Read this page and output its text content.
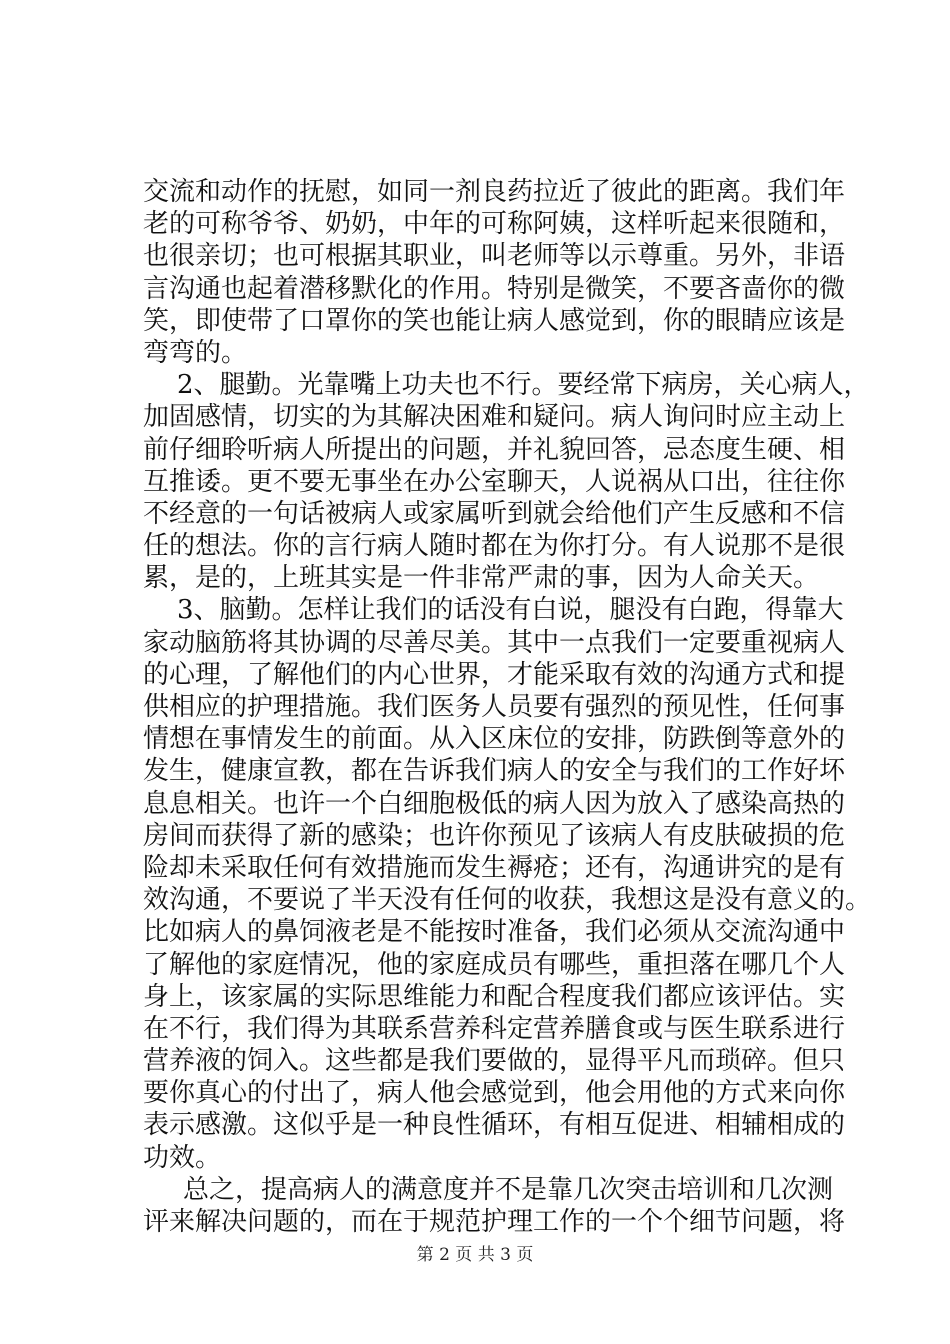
交流和动作的抚慰，如同一剂良药拉近了彼此的距离。我们年
老的可称爷爷、奶奶，中年的可称阿姨，这样听起来很随和，
也很亲切；也可根据其职业，叫老师等以示尊重。另外，非语
言沟通也起着潜移默化的作用。特别是微笑，不要吝啬你的微
笑，即使带了口罩你的笑也能让病人感觉到，你的眼睛应该是
弯弯的。
2、腿勤。光靠嘴上功夫也不行。要经常下病房，关心病人，
加固感情，切实的为其解决困难和疑问。病人询问时应主动上
前仔细聆听病人所提出的问题，并礼貌回答，忌态度生硬、相
互推诿。更不要无事坐在办公室聊天，人说祸从口出，往往你
不经意的一句话被病人或家属听到就会给他们产生反感和不信
任的想法。你的言行病人随时都在为你打分。有人说那不是很
累，是的，上班其实是一件非常严肃的事，因为人命关天。
3、脑勤。怎样让我们的话没有白说，腿没有白跑，得靠大
家动脑筋将其协调的尽善尽美。其中一点我们一定要重视病人
的心理，了解他们的内心世界，才能采取有效的沟通方式和提
供相应的护理措施。我们医务人员要有强烈的预见性，任何事
情想在事情发生的前面。从入区床位的安排，防跌倒等意外的
发生，健康宣教，都在告诉我们病人的安全与我们的工作好坏
息息相关。也许一个白细胞极低的病人因为放入了感染高热的
房间而获得了新的感染；也许你预见了该病人有皮肤破损的危
险却未采取任何有效措施而发生褥疮；还有，沟通讲究的是有
效沟通，不要说了半天没有任何的收获，我想这是没有意义的。
比如病人的鼻饲液老是不能按时准备，我们必须从交流沟通中
了解他的家庭情况，他的家庭成员有哪些，重担落在哪几个人
身上，该家属的实际思维能力和配合程度我们都应该评估。实
在不行，我们得为其联系营养科定营养膳食或与医生联系进行
营养液的饲入。这些都是我们要做的，显得平凡而琐碎。但只
要你真心的付出了，病人他会感觉到，他会用他的方式来向你
表示感激。这似乎是一种良性循环，有相互促进、相辅相成的
功效。
总之，提高病人的满意度并不是靠几次突击培训和几次测
评来解决问题的，而在于规范护理工作的一个个细节问题，将
第 2 页 共 3 页
